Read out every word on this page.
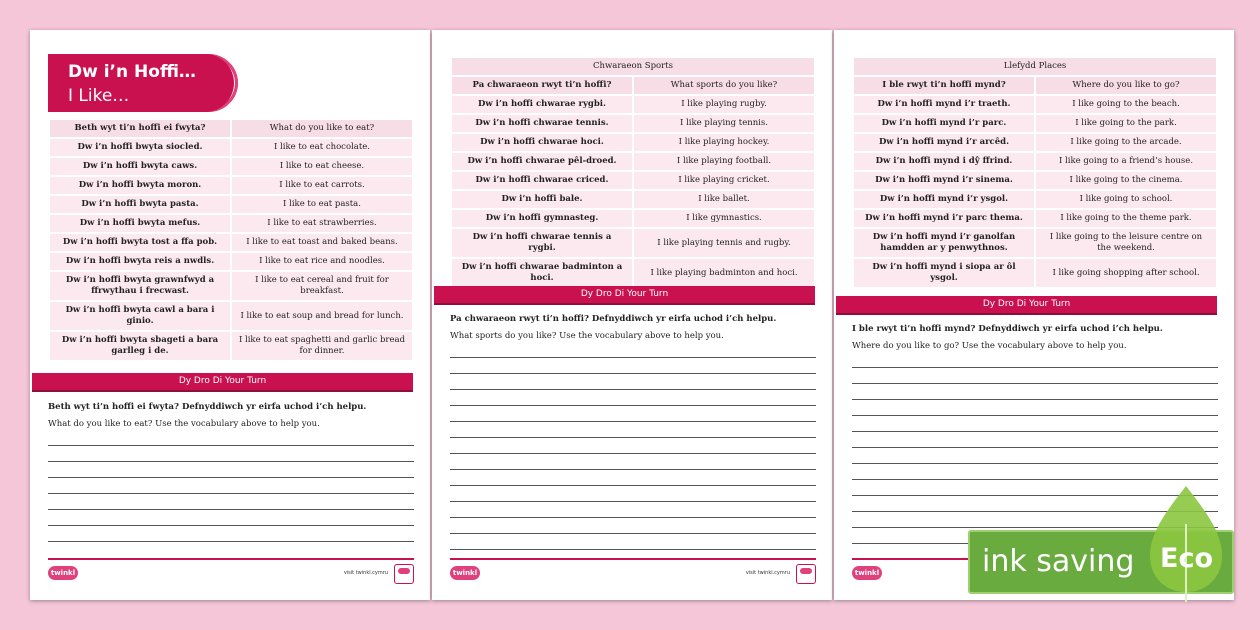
Dw i’n Hoffi…
I Like…
Beth wyt ti’n hoffi ei fwyta?	What do you like to eat?
Dw i’n hoffi bwyta siocled.	I like to eat chocolate.
Dw i’n hoffi bwyta caws.	I like to eat cheese.
Dw i’n hoffi bwyta moron.	I like to eat carrots.
Dw i’n hoffi bwyta pasta.	I like to eat pasta.
Dw i’n hoffi bwyta mefus.	I like to eat strawberries.
Dw i’n hoffi bwyta tost a ffa pob.	I like to eat toast and baked beans.
Dw i’n hoffi bwyta reis a nwdls.	I like to eat rice and noodles.
Dw i’n hoffi bwyta grawnfwyd a ffrwythau i frecwast.	I like to eat cereal and fruit for breakfast.
Dw i’n hoffi bwyta cawl a bara i ginio.	I like to eat soup and bread for lunch.
Dw i’n hoffi bwyta sbageti a bara garlleg i de.	I like to eat spaghetti and garlic bread for dinner.
Dy Dro Di Your Turn
Beth wyt ti’n hoffi ei fwyta? Defnyddiwch yr eirfa uchod i’ch helpu.
What do you like to eat? Use the vocabulary above to help you.
twinkl	visit twinkl.cymru
Chwaraeon Sports	
Pa chwaraeon rwyt ti’n hoffi?	What sports do you like?
Dw i’n hoffi chwarae rygbi.	I like playing rugby.
Dw i’n hoffi chwarae tennis.	I like playing tennis.
Dw i’n hoffi chwarae hoci.	I like playing hockey.
Dw i’n hoffi chwarae pêl-droed.	I like playing football.
Dw i’n hoffi chwarae criced.	I like playing cricket.
Dw i’n hoffi bale.	I like ballet.
Dw i’n hoffi gymnasteg.	I like gymnastics.
Dw i’n hoffi chwarae tennis a rygbi.	I like playing tennis and rugby.
Dw i’n hoffi chwarae badminton a hoci.	I like playing badminton and hoci.
Dy Dro Di Your Turn
Pa chwaraeon rwyt ti’n hoffi? Defnyddiwch yr eirfa uchod i’ch helpu.
What sports do you like? Use the vocabulary above to help you.
twinkl	visit twinkl.cymru
Llefydd Places	
I ble rwyt ti’n hoffi mynd?	Where do you like to go?
Dw i’n hoffi mynd i’r traeth.	I like going to the beach.
Dw i’n hoffi mynd i’r parc.	I like going to the park.
Dw i’n hoffi mynd i’r arcêd.	I like going to the arcade.
Dw i’n hoffi mynd i dŷ ffrind.	I like going to a friend’s house.
Dw i’n hoffi mynd i’r sinema.	I like going to the cinema.
Dw i’n hoffi mynd i’r ysgol.	I like going to school.
Dw i’n hoffi mynd i’r parc thema.	I like going to the theme park.
Dw i’n hoffi mynd i’r ganolfan hamdden ar y penwythnos.	I like going to the leisure centre on the weekend.
Dw i’n hoffi mynd i siopa ar ôl ysgol.	I like going shopping after school.
Dy Dro Di Your Turn
I ble rwyt ti’n hoffi mynd? Defnyddiwch yr eirfa uchod i’ch helpu.
Where do you like to go? Use the vocabulary above to help you.
twinkl	ink saving Eco
